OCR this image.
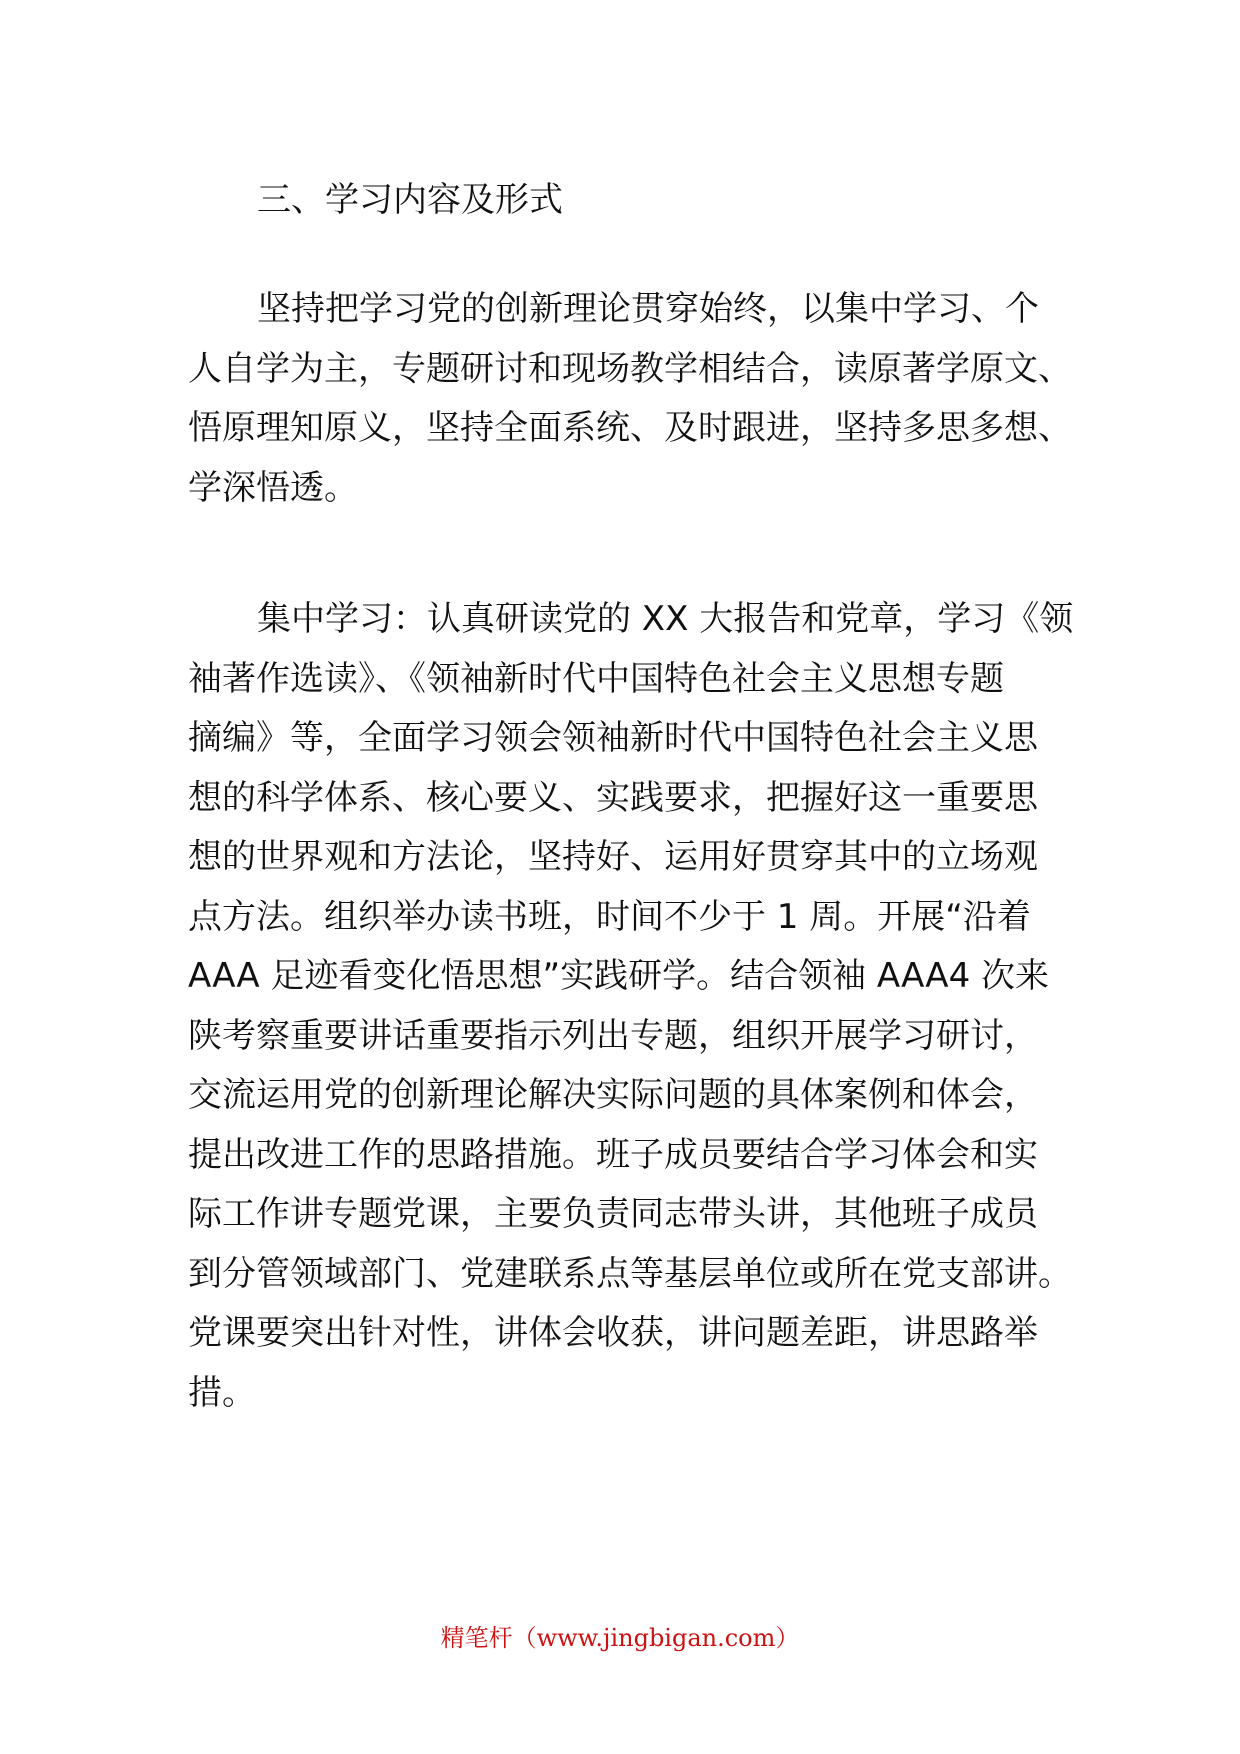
三、学习内容及形式
坚持把学习党的创新理论贯穿始终，以集中学习、个
人自学为主，专题研讨和现场教学相结合，读原著学原文、
悟原理知原义，坚持全面系统、及时跟进，坚持多思多想、
学深悟透。
集中学习：认真研读党的 XX 大报告和党章，学习《领
袖著作选读》、《领袖新时代中国特色社会主义思想专题
摘编》等，全面学习领会领袖新时代中国特色社会主义思
想的科学体系、核心要义、实践要求，把握好这一重要思
想的世界观和方法论，坚持好、运用好贯穿其中的立场观
点方法。组织举办读书班，时间不少于 1 周。开展“沿着
AAA 足迹看变化悟思想”实践研学。结合领袖 AAA4 次来
陕考察重要讲话重要指示列出专题，组织开展学习研讨，
交流运用党的创新理论解决实际问题的具体案例和体会，
提出改进工作的思路措施。班子成员要结合学习体会和实
际工作讲专题党课，主要负责同志带头讲，其他班子成员
到分管领域部门、党建联系点等基层单位或所在党支部讲。
党课要突出针对性，讲体会收获，讲问题差距，讲思路举
措。
精笔杆（www.jingbigan.com）
